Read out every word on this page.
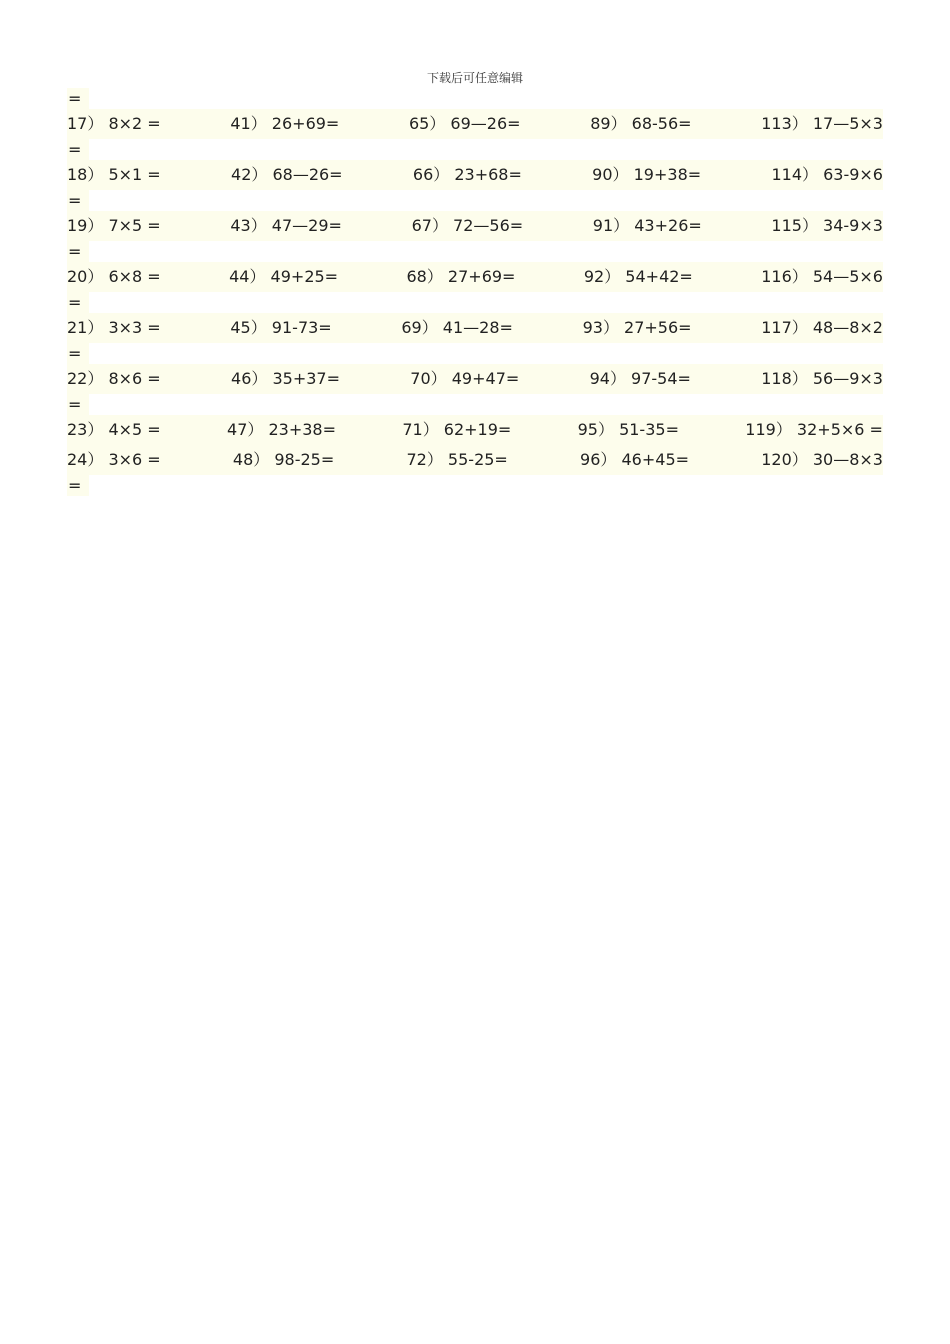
下载后可任意编辑
=
17） 8×2 =	41） 26+69=	65） 69—26=	89） 68-56=	113） 17—5×3
=
18） 5×1 =	42） 68—26=	66） 23+68=	90） 19+38=	114） 63-9×6
=
19） 7×5 =	43） 47—29=	67） 72—56=	91） 43+26=	115） 34-9×3
=
20） 6×8 =	44） 49+25=	68） 27+69=	92） 54+42=	116） 54—5×6
=
21） 3×3 =	45） 91-73=	69） 41—28=	93） 27+56=	117） 48—8×2
=
22） 8×6 =	46） 35+37=	70） 49+47=	94） 97-54=	118） 56—9×3
=
23） 4×5 =	47） 23+38=	71） 62+19=	95） 51-35=	119） 32+5×6 =
24） 3×6 =	48） 98-25=	72） 55-25=	96） 46+45=	120） 30—8×3
=
